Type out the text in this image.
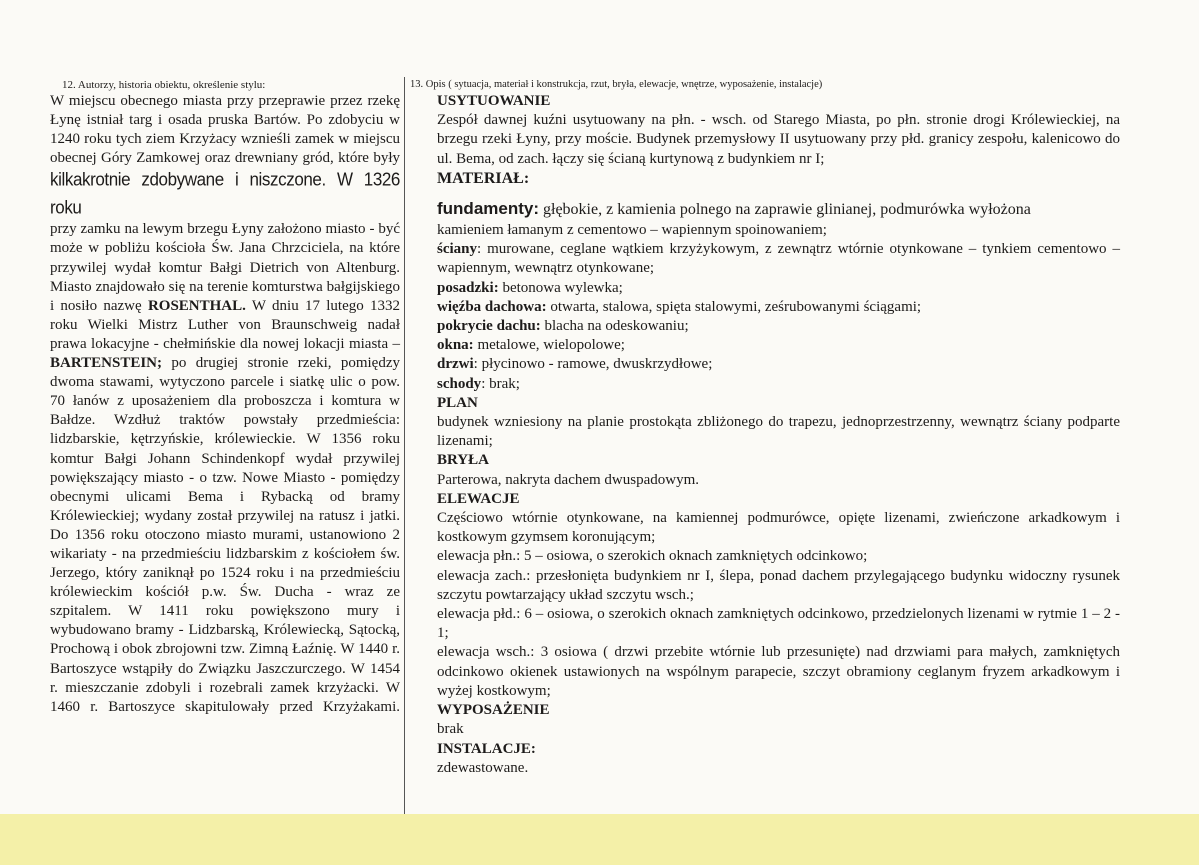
12. Autorzy, historia obiektu, określenie stylu:

W miejscu obecnego miasta przy przeprawie przez rzekę Łynę istniał targ i osada pruska Bartów. Po zdobyciu w 1240 roku tych ziem Krzyżacy wznieśli zamek w miejscu obecnej Góry Zamkowej oraz drewniany gród, które były kilkakrotnie zdobywane i niszczone. W 1326 roku przy zamku na lewym brzegu Łyny założono miasto - być może w pobliżu kościoła Św. Jana Chrzciciela, na które przywilej wydał komtur Bałgi Dietrich von Altenburg. Miasto znajdowało się na terenie komturstwa bałgijskiego i nosiło nazwę ROSENTHAL. W dniu 17 lutego 1332 roku Wielki Mistrz Luther von Braunschweig nadał prawa lokacyjne - chełmińskie dla nowej lokacji miasta – BARTENSTEIN; po drugiej stronie rzeki, pomiędzy dwoma stawami, wytyczono parcele i siatkę ulic o pow. 70 łanów z uposażeniem dla proboszcza i komtura w Bałdze. Wzdłuż traktów powstały przedmieścia: lidzbarskie, kętrzyńskie, królewieckie. W 1356 roku komtur Bałgi Johann Schindenkopf wydał przywilej powiększający miasto - o tzw. Nowe Miasto - pomiędzy obecnymi ulicami Bema i Rybacką od bramy Królewieckiej; wydany został przywilej na ratusz i jatki. Do 1356 roku otoczono miasto murami, ustanowiono 2 wikariaty - na przedmieściu lidzbarskim z kościołem św. Jerzego, który zaniknął po 1524 roku i na przedmieściu królewieckim kościół p.w. Św. Ducha - wraz ze szpitalem. W 1411 roku powiększono mury i wybudowano bramy - Lidzbarską, Królewiecką, Sątocką, Prochową i obok zbrojowni tzw. Zimną Łaźnię. W 1440 r. Bartoszyce wstąpiły do Związku Jaszczurczego. W 1454 r. mieszczanie zdobyli i rozebrali zamek krzyżacki. W 1460 r. Bartoszyce skapitulowały przed Krzyżakami.

13. Opis ( sytuacja, materiał i konstrukcja, rzut, bryła, elewacje, wnętrze, wyposażenie, instalacje)

USYTUOWANIE

Zespół dawnej kuźni usytuowany na płn. - wsch. od Starego Miasta, po płn. stronie drogi Królewieckiej, na brzegu rzeki Łyny, przy moście. Budynek przemysłowy II usytuowany przy płd. granicy zespołu, kalenicowo do ul. Bema, od zach. łączy się ścianą kurtynową z budynkiem nr I;

MATERIAŁ:

fundamenty: głębokie, z kamienia polnego na zaprawie glinianej, podmurówka wyłożona

kamieniem łamanym z cementowo – wapiennym spoinowaniem;

ściany: murowane, ceglane wątkiem krzyżykowym, z zewnątrz wtórnie otynkowane – tynkiem cementowo – wapiennym, wewnątrz otynkowane;

posadzki: betonowa wylewka;

więźba dachowa: otwarta, stalowa, spięta stalowymi, ześrubowanymi ściągami;

pokrycie dachu: blacha na odeskowaniu;

okna: metalowe, wielopolowe;

drzwi: płycinowo - ramowe, dwuskrzydłowe;

schody: brak;

PLAN

budynek wzniesiony na planie prostokąta zbliżonego do trapezu, jednoprzestrzenny, wewnątrz ściany podparte lizenami;

BRYŁA

Parterowa, nakryta dachem dwuspadowym.

ELEWACJE

Częściowo wtórnie otynkowane, na kamiennej podmurówce, opięte lizenami, zwieńczone arkadkowym i kostkowym gzymsem koronującym;

elewacja płn.: 5 – osiowa, o szerokich oknach zamkniętych odcinkowo;

elewacja zach.: przesłonięta budynkiem nr I, ślepa, ponad dachem przylegającego budynku widoczny rysunek szczytu powtarzający układ szczytu wsch.;

elewacja płd.: 6 – osiowa, o szerokich oknach zamkniętych odcinkowo, przedzielonych lizenami w rytmie 1 – 2 - 1;

elewacja wsch.: 3 osiowa ( drzwi przebite wtórnie lub przesunięte) nad drzwiami para małych, zamkniętych odcinkowo okienek ustawionych na wspólnym parapecie, szczyt obramiony ceglanym fryzem arkadkowym i wyżej kostkowym;

WYPOSAŻENIE

brak

INSTALACJE:

zdewastowane.
